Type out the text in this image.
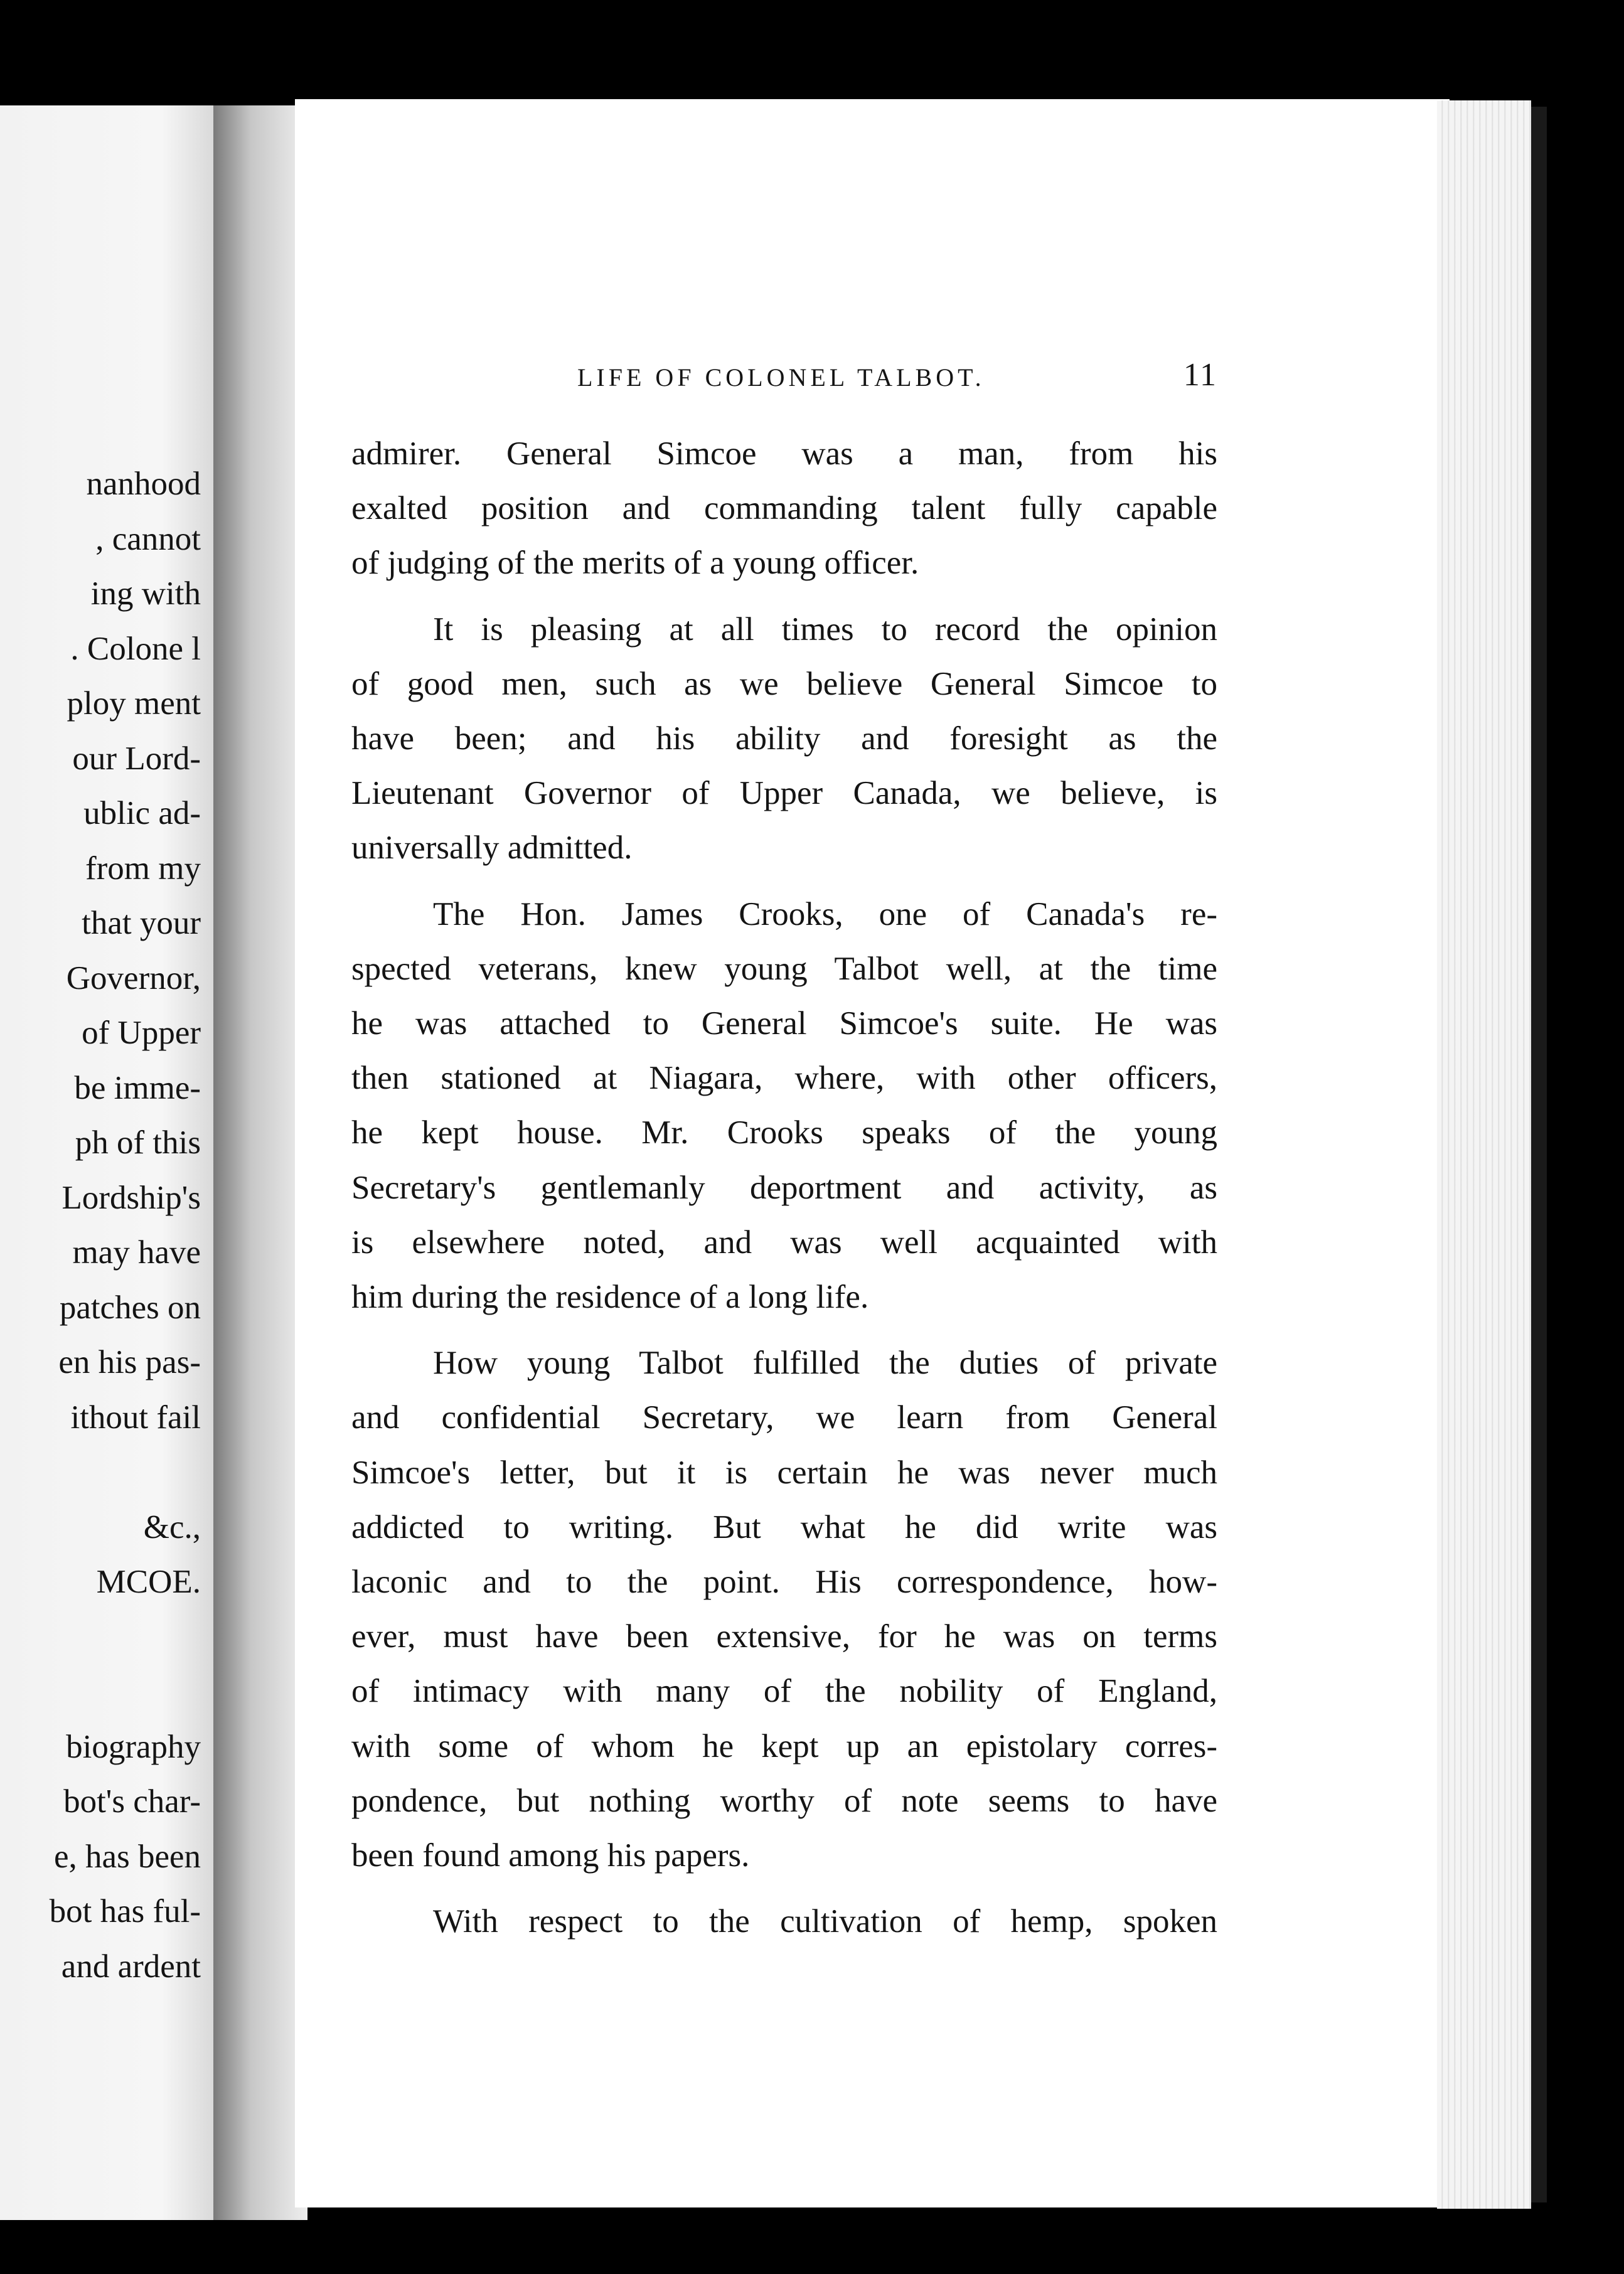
nanhood
, cannot
ing with
. Colone l
ploy ment
our Lord-
ublic ad-
from my
that your
Governor,
of Upper
be imme-
ph of this
Lordship's
may have
patches on
en his pas-
ithout fail
&c.,
MCOE.
biography
bot's char-
e, has been
bot has ful-
and ardent
LIFE OF COLONEL TALBOT.	11
admirer. General Simcoe was a man, from his
exalted position and commanding talent fully capable
of judging of the merits of a young officer.
It is pleasing at all times to record the opinion
of good men, such as we believe General Simcoe to
have been; and his ability and foresight as the
Lieutenant Governor of Upper Canada, we believe, is
universally admitted.
The Hon. James Crooks, one of Canada's re-
spected veterans, knew young Talbot well, at the time
he was attached to General Simcoe's suite. He was
then stationed at Niagara, where, with other officers,
he kept house. Mr. Crooks speaks of the young
Secretary's gentlemanly deportment and activity, as
is elsewhere noted, and was well acquainted with
him during the residence of a long life.
How young Talbot fulfilled the duties of private
and confidential Secretary, we learn from General
Simcoe's letter, but it is certain he was never much
addicted to writing. But what he did write was
laconic and to the point. His correspondence, how-
ever, must have been extensive, for he was on terms
of intimacy with many of the nobility of England,
with some of whom he kept up an epistolary corres-
pondence, but nothing worthy of note seems to have
been found among his papers.
With respect to the cultivation of hemp, spoken
